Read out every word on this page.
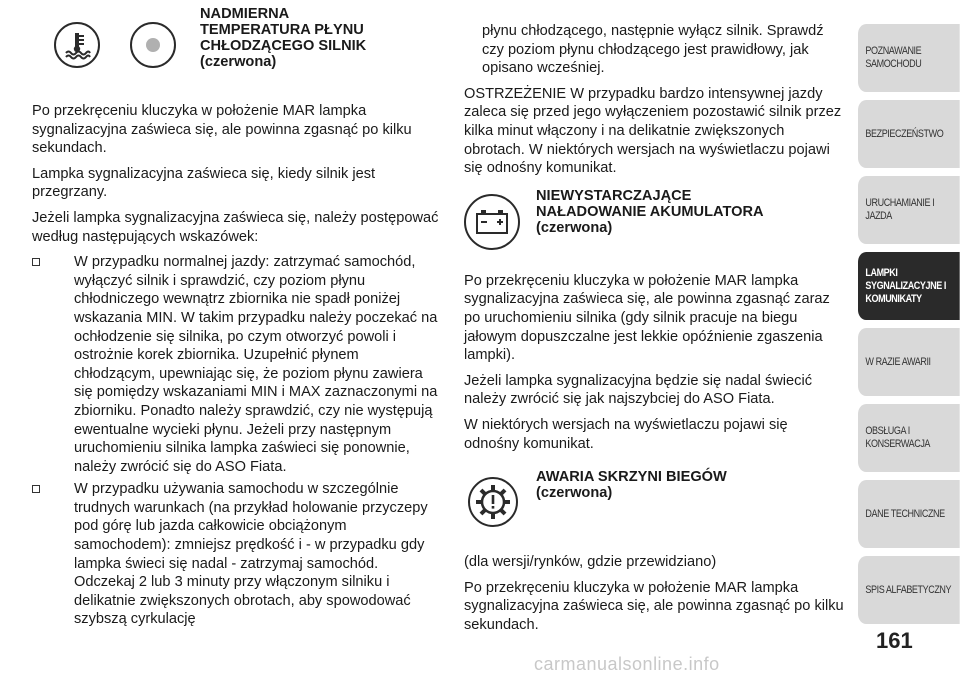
NADMIERNA
TEMPERATURA PŁYNU
CHŁODZĄCEGO SILNIK
(czerwona)

Po przekręceniu kluczyka w położenie MAR lampka sygnalizacyjna zaświeca się, ale powinna zgasnąć po kilku sekundach.

Lampka sygnalizacyjna zaświeca się, kiedy silnik jest przegrzany.

Jeżeli lampka sygnalizacyjna zaświeca się, należy postępować według następujących wskazówek:

W przypadku normalnej jazdy: zatrzymać samochód, wyłączyć silnik i sprawdzić, czy poziom płynu chłodniczego wewnątrz zbiornika nie spadł poniżej wskazania MIN. W takim przypadku należy poczekać na ochłodzenie się silnika, po czym otworzyć powoli i ostrożnie korek zbiornika. Uzupełnić płynem chłodzącym, upewniając się, że poziom płynu zawiera się pomiędzy wskazaniami MIN i MAX zaznaczonymi na zbiorniku. Ponadto należy sprawdzić, czy nie występują ewentualne wycieki płynu. Jeżeli przy następnym uruchomieniu silnika lampka zaświeci się ponownie, należy zwrócić się do ASO Fiata.
W przypadku używania samochodu w szczególnie trudnych warunkach (na przykład holowanie przyczepy pod górę lub jazda całkowicie obciążonym samochodem): zmniejsz prędkość i - w przypadku gdy lampka świeci się nadal - zatrzymaj samochód. Odczekaj 2 lub 3 minuty przy włączonym silniku i delikatnie zwiększonych obrotach, aby spowodować szybszą cyrkulację

płynu chłodzącego, następnie wyłącz silnik. Sprawdź czy poziom płynu chłodzącego jest prawidłowy, jak opisano wcześniej.

OSTRZEŻENIE W przypadku bardzo intensywnej jazdy zaleca się przed jego wyłączeniem pozostawić silnik przez kilka minut włączony i na delikatnie zwiększonych obrotach. W niektórych wersjach na wyświetlaczu pojawi się odnośny komunikat.

NIEWYSTARCZAJĄCE
NAŁADOWANIE AKUMULATORA
(czerwona)

Po przekręceniu kluczyka w położenie MAR lampka sygnalizacyjna zaświeca się, ale powinna zgasnąć zaraz po uruchomieniu silnika (gdy silnik pracuje na biegu jałowym dopuszczalne jest lekkie opóźnienie zgaszenia lampki).

Jeżeli lampka sygnalizacyjna będzie się nadal świecić należy zwrócić się jak najszybciej do ASO Fiata.

W niektórych wersjach na wyświetlaczu pojawi się odnośny komunikat.

AWARIA SKRZYNI BIEGÓW
(czerwona)

(dla wersji/rynków, gdzie przewidziano)

Po przekręceniu kluczyka w położenie MAR lampka sygnalizacyjna zaświeca się, ale powinna zgasnąć po kilku sekundach.

POZNAWANIE SAMOCHODU
BEZPIECZEŃSTWO
URUCHAMIANIE I JAZDA
LAMPKI SYGNALIZACYJNE I KOMUNIKATY
W RAZIE AWARII
OBSŁUGA I KONSERWACJA
DANE TECHNICZNE
SPIS ALFABETYCZNY
161
carmanualsonline.info
